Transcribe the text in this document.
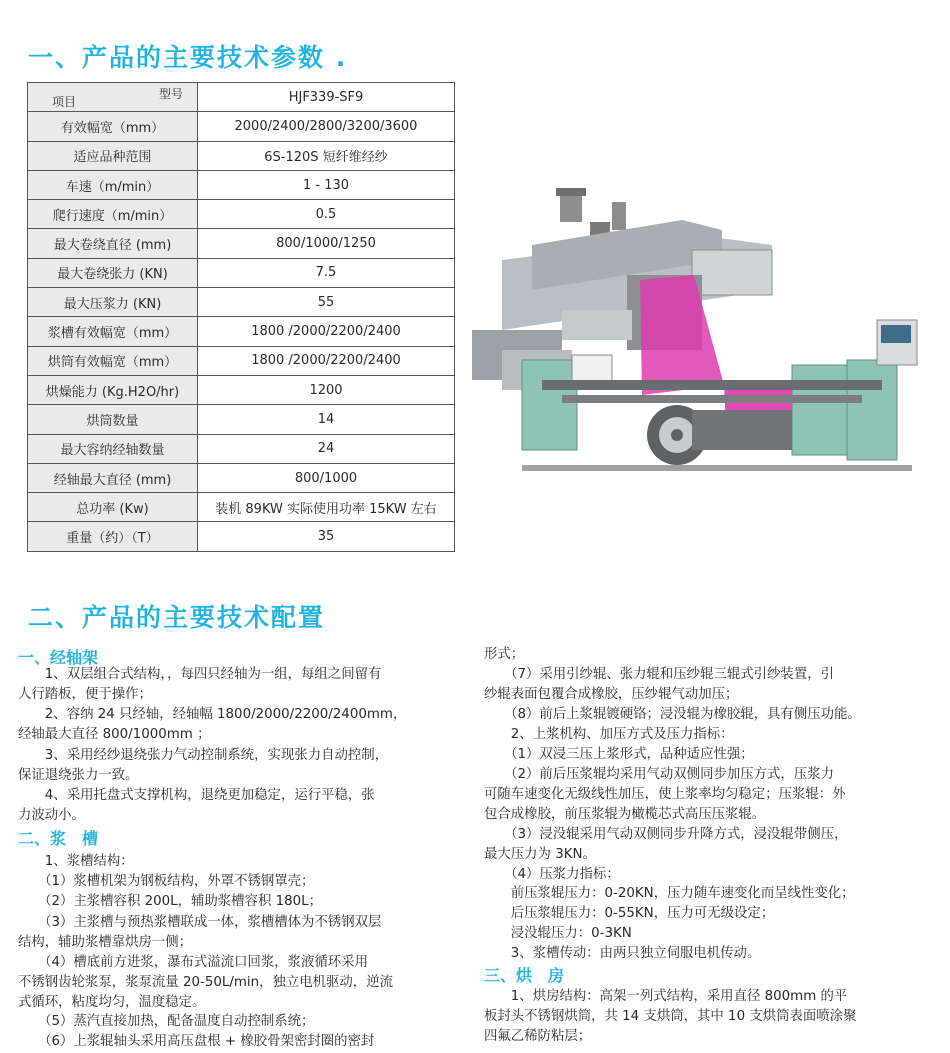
一、产品的主要技术参数 .
型号
项目	HJF339-SF9
有效幅宽（mm）	2000/2400/2800/3200/3600
适应品种范围	6S-120S 短纤维经纱
车速（m/min）	1 - 130
爬行速度（m/min）	0.5
最大卷绕直径 (mm)	800/1000/1250
最大卷绕张力 (KN)	7.5
最大压浆力 (KN)	55
浆槽有效幅宽（mm）	1800 /2000/2200/2400
烘筒有效幅宽（mm）	1800 /2000/2200/2400
烘燥能力 (Kg.H2O/hr)	1200
烘筒数量	14
最大容纳经轴数量	24
经轴最大直径 (mm)	800/1000
总功率 (Kw)	装机 89KW 实际使用功率 15KW 左右
重量（约）（T）	35
二、产品的主要技术配置
一、经轴架
二、浆　槽
三、烘　房
　　1、双层组合式结构，，每四只经轴为一组，每组之间留有
人行踏板，便于操作；
　　2、容纳 24 只经轴，经轴幅 1800/2000/2200/2400mm，
经轴最大直径 800/1000mm ；
　　3、采用经纱退绕张力气动控制系统，实现张力自动控制，
保证退绕张力一致。
　　4、采用托盘式支撑机构，退绕更加稳定，运行平稳，张
力波动小。
　　1、浆槽结构：
　　（1）浆槽机架为钢板结构，外罩不锈钢罩壳；
　　（2）主浆槽容积 200L，辅助浆槽容积 180L；
　　（3）主浆槽与预热浆槽联成一体，浆槽槽体为不锈钢双层
结构，辅助浆槽靠烘房一侧；
　　（4）槽底前方进浆，瀑布式溢流口回浆，浆液循环采用
不锈钢齿轮浆泵，浆泵流量 20-50L/min，独立电机驱动，逆流
式循环，粘度均匀，温度稳定。
　　（5）蒸汽直接加热，配备温度自动控制系统；
　　（6）上浆辊轴头采用高压盘根 + 橡胶骨架密封圈的密封
形式；
　　（7）采用引纱辊、张力辊和压纱辊三辊式引纱装置，引
纱辊表面包覆合成橡胶，压纱辊气动加压；
　　（8）前后上浆辊镀硬铬；浸没辊为橡胶辊，具有侧压功能。
　　2、上浆机构、加压方式及压力指标：
　　（1）双浸三压上浆形式，品种适应性强；
　　（2）前后压浆辊均采用气动双侧同步加压方式，压浆力
可随车速变化无级线性加压，使上浆率均匀稳定；压浆辊：外
包合成橡胶，前压浆辊为橄榄芯式高压压浆辊。
　　（3）浸没辊采用气动双侧同步升降方式，浸没辊带侧压，
最大压力为 3KN。
　　（4）压浆力指标：
　　前压浆辊压力：0-20KN，压力随车速变化而呈线性变化；
　　后压浆辊压力：0-55KN，压力可无级设定；
　　浸没辊压力：0-3KN
　　3、浆槽传动：由两只独立伺服电机传动。
　　1、烘房结构：高架一列式结构，采用直径 800mm 的平
板封头不锈钢烘筒，共 14 支烘筒，其中 10 支烘筒表面喷涂聚
四氟乙稀防粘层；
